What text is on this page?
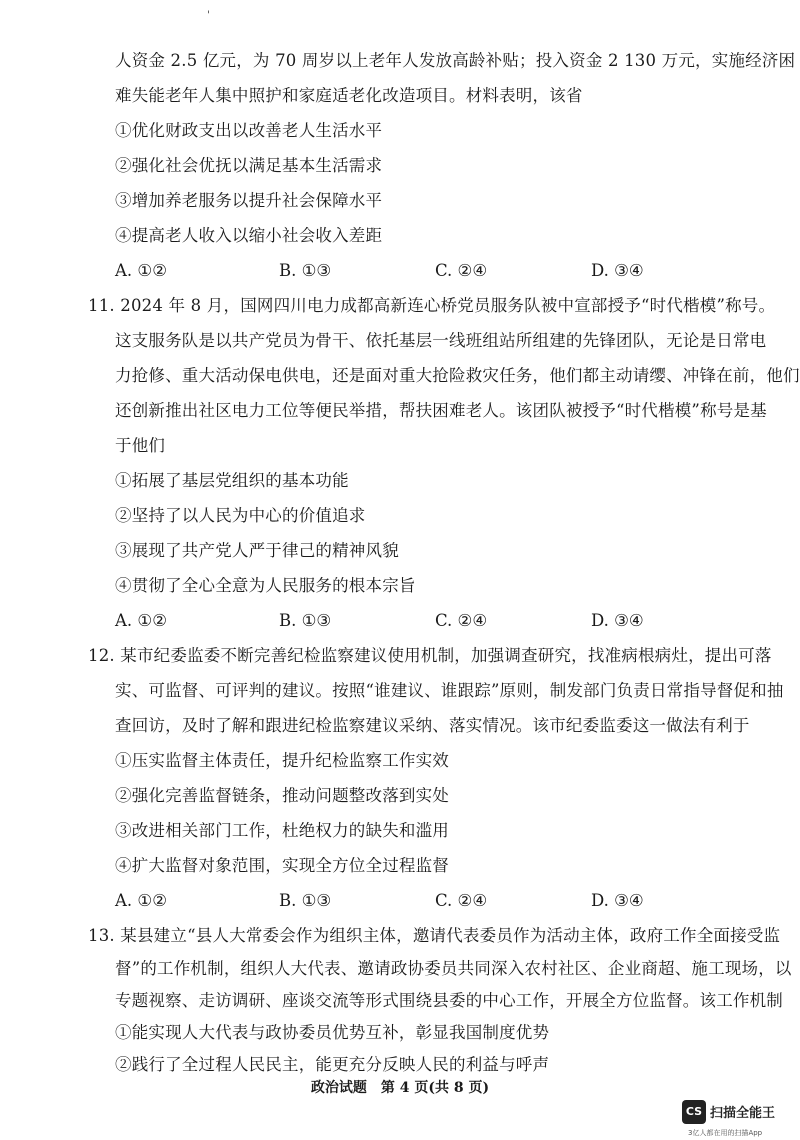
'
人资金 2.5 亿元，为 70 周岁以上老年人发放高龄补贴；投入资金 2 130 万元，实施经济困
难失能老年人集中照护和家庭适老化改造项目。材料表明，该省
①优化财政支出以改善老人生活水平
②强化社会优抚以满足基本生活需求
③增加养老服务以提升社会保障水平
④提高老人收入以缩小社会收入差距
A. ①②	B. ①③	C. ②④	D. ③④
11. 2024 年 8 月，国网四川电力成都高新连心桥党员服务队被中宣部授予“时代楷模”称号。
这支服务队是以共产党员为骨干、依托基层一线班组站所组建的先锋团队，无论是日常电
力抢修、重大活动保电供电，还是面对重大抢险救灾任务，他们都主动请缨、冲锋在前，他们
还创新推出社区电力工位等便民举措，帮扶困难老人。该团队被授予“时代楷模”称号是基
于他们
①拓展了基层党组织的基本功能
②坚持了以人民为中心的价值追求
③展现了共产党人严于律己的精神风貌
④贯彻了全心全意为人民服务的根本宗旨
A. ①②	B. ①③	C. ②④	D. ③④
12. 某市纪委监委不断完善纪检监察建议使用机制，加强调查研究，找准病根病灶，提出可落
实、可监督、可评判的建议。按照“谁建议、谁跟踪”原则，制发部门负责日常指导督促和抽
查回访，及时了解和跟进纪检监察建议采纳、落实情况。该市纪委监委这一做法有利于
①压实监督主体责任，提升纪检监察工作实效
②强化完善监督链条，推动问题整改落到实处
③改进相关部门工作，杜绝权力的缺失和滥用
④扩大监督对象范围，实现全方位全过程监督
A. ①②	B. ①③	C. ②④	D. ③④
13. 某县建立“县人大常委会作为组织主体，邀请代表委员作为活动主体，政府工作全面接受监
督”的工作机制，组织人大代表、邀请政协委员共同深入农村社区、企业商超、施工现场，以
专题视察、走访调研、座谈交流等形式围绕县委的中心工作，开展全方位监督。该工作机制
①能实现人大代表与政协委员优势互补，彰显我国制度优势
②践行了全过程人民民主，能更充分反映人民的利益与呼声
政治试题　第 4 页(共 8 页)
CS 扫描全能王
3亿人都在用的扫描App
